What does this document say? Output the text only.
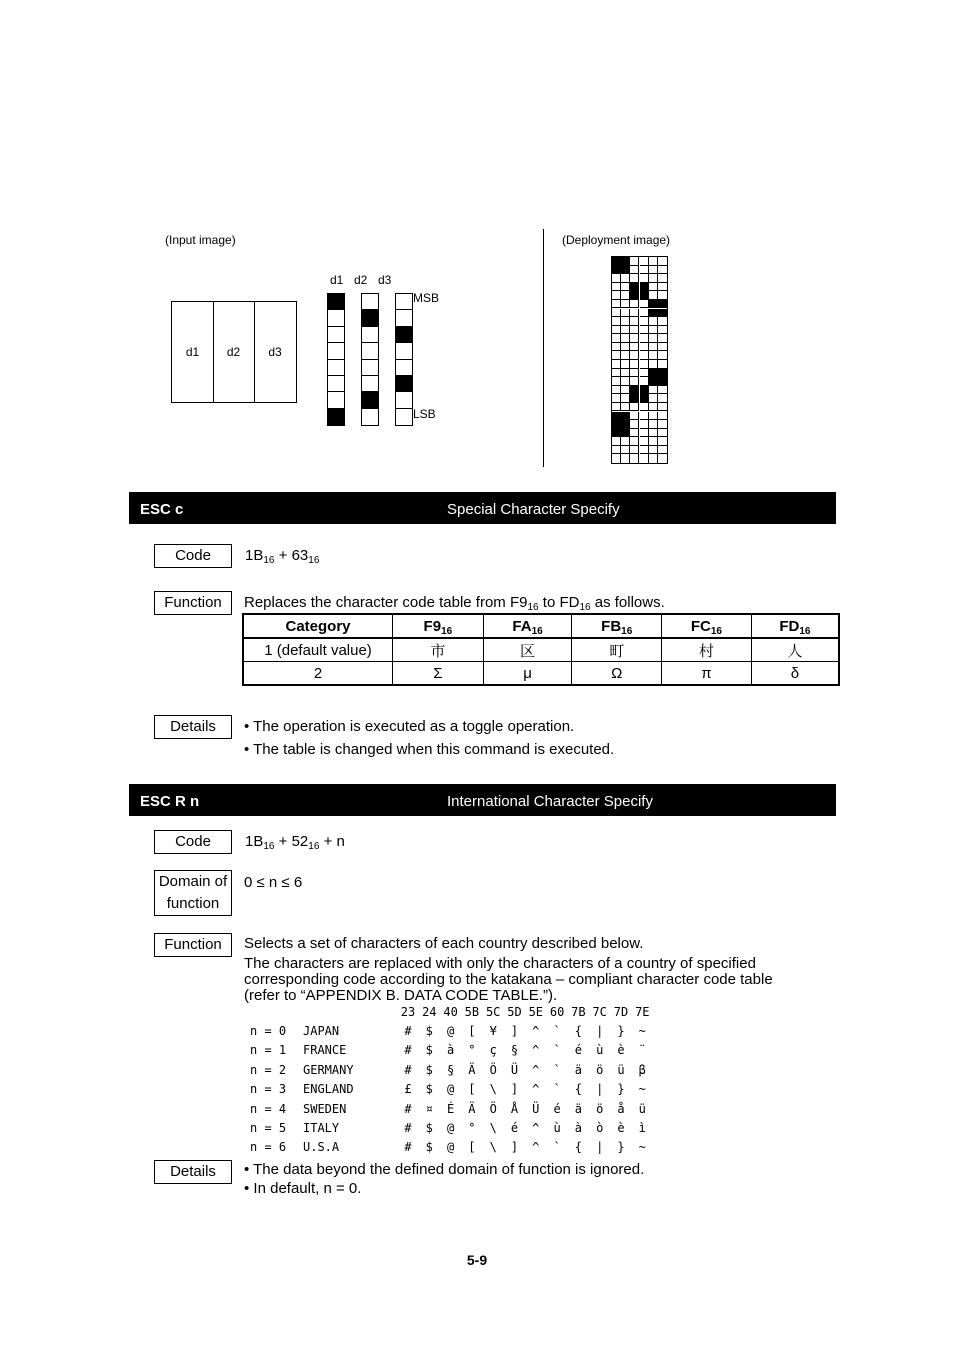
(Input image)	(Deployment image)
d1	d2	d3
d1 d2 d3
MSB
LSB
ESC c	Special Character Specify
Code	$1B_{16} + 63_{16}$
Function	Replaces the character code table from $F9_{16}$ to $FD_{16}$ as follows.
Category	$F9_{16}$	$FA_{16}$	$FB_{16}$	$FC_{16}$	$FD_{16}$
1 (default value)	市	区	町	村	人
2	Σ	μ	Ω	π	δ
Details	• The operation is executed as a toggle operation.
• The table is changed when this command is executed.
ESC R n	International Character Specify
Code	$1B_{16} + 52_{16} + n$
Domain of
function
0 ≤ n ≤ 6
Function	Selects a set of characters of each country described below.
The characters are replaced with only the characters of a country of specified
corresponding code according to the katakana – compliant character code table
(refer to “APPENDIX B. DATA CODE TABLE.”).
23 24 40 5B 5C 5D 5E 60 7B 7C 7D 7E
n = 0 JAPAN	#	$	@	[	¥	]	^	`	{	|	}	~
n = 1 FRANCE	#	$	à	°	ç	§	^	`	é	ù	è	¨
n = 2 GERMANY	#	$	§	Ä	Ö	Ü	^	`	ä	ö	ü	β
n = 3 ENGLAND	£	$	@	[	\	]	^	`	{	|	}	~
n = 4 SWEDEN	#	¤	É	Ä	Ö	Å	Ü	é	ä	ö	å	ü
n = 5 ITALY	#	$	@	°	\	é	^	ù	à	ò	è	ì
n = 6 U.S.A	#	$	@	[	\	]	^	`	{	|	}	~
Details	• The data beyond the defined domain of function is ignored.
• In default, n = 0.
5-9
